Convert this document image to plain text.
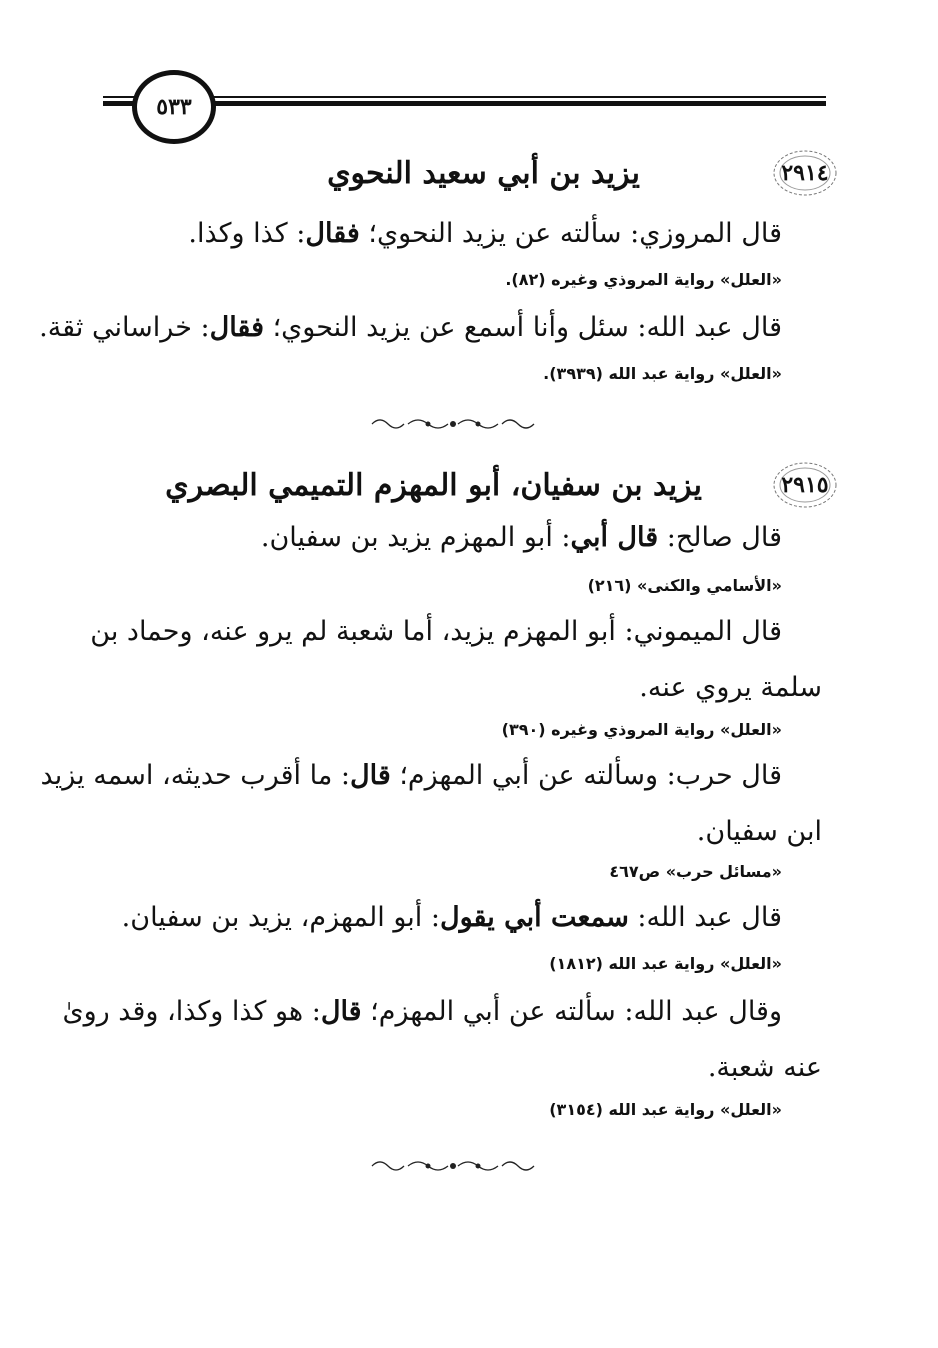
٥٣٣
٢٩١٤
يزيد بن أبي سعيد النحوي
قال المروزي: سألته عن يزيد النحوي؛ فقال: كذا وكذا.
«العلل» رواية المروذي وغيره (٨٢).
قال عبد الله: سئل وأنا أسمع عن يزيد النحوي؛ فقال: خراساني ثقة.
«العلل» رواية عبد الله (٣٩٣٩).
٢٩١٥
يزيد بن سفيان، أبو المهزم التميمي البصري
قال صالح: قال أبي: أبو المهزم يزيد بن سفيان.
«الأسامي والكنى» (٢١٦)
قال الميموني: أبو المهزم يزيد، أما شعبة لم يرو عنه، وحماد بن
سلمة يروي عنه.
«العلل» رواية المروذي وغيره (٣٩٠)
قال حرب: وسألته عن أبي المهزم؛ قال: ما أقرب حديثه، اسمه يزيد
ابن سفيان.
«مسائل حرب» ص٤٦٧
قال عبد الله: سمعت أبي يقول: أبو المهزم، يزيد بن سفيان.
«العلل» رواية عبد الله (١٨١٢)
وقال عبد الله: سألته عن أبي المهزم؛ قال: هو كذا وكذا، وقد روىٰ
عنه شعبة.
«العلل» رواية عبد الله (٣١٥٤)
